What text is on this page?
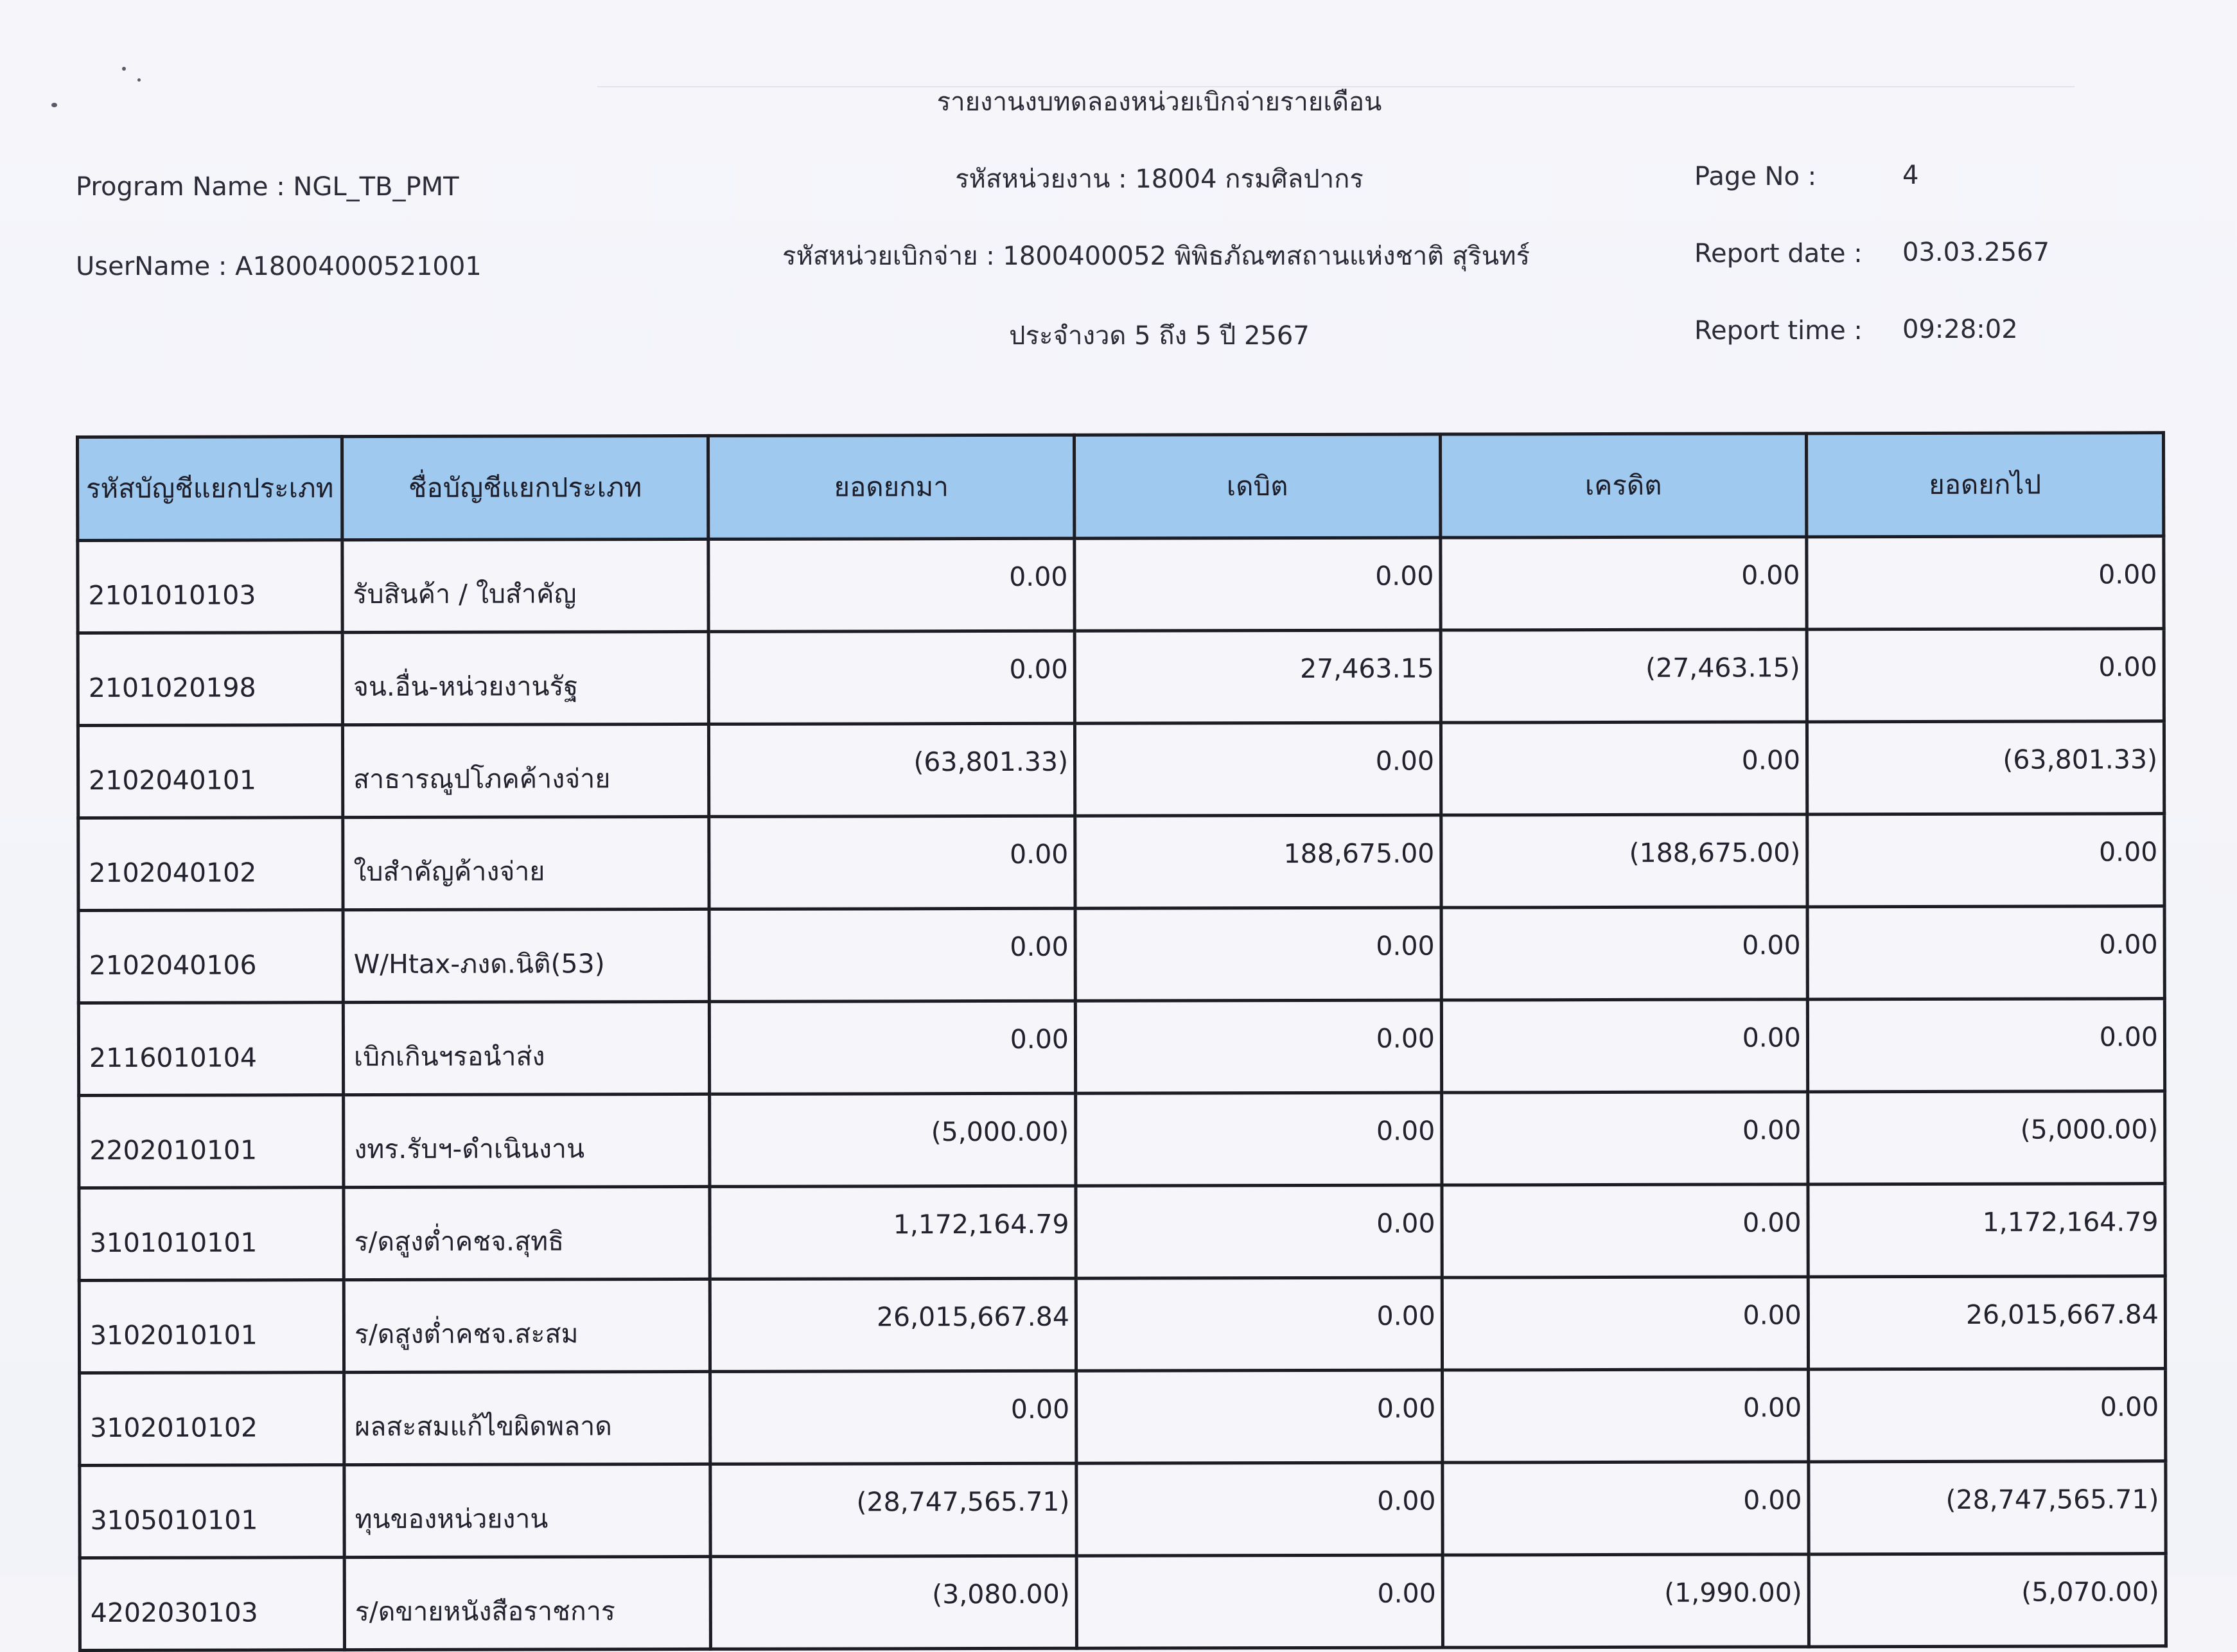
รายงานงบทดลองหน่วยเบิกจ่ายรายเดือน
รหัสหน่วยงาน : 18004 กรมศิลปากร
รหัสหน่วยเบิกจ่าย : 1800400052 พิพิธภัณฑสถานแห่งชาติ สุรินทร์
ประจำงวด 5 ถึง 5 ปี 2567
Program Name : NGL_TB_PMT
UserName : A18004000521001
Page No :	4
Report date : 03.03.2567
Report time : 09:28:02
รหัสบัญชีแยกประเภท	ชื่อบัญชีแยกประเภท	ยอดยกมา	เดบิต	เครดิต	ยอดยกไป
2101010103	รับสินค้า / ใบสำคัญ	0.00	0.00	0.00	0.00
2101020198	จน.อื่น-หน่วยงานรัฐ	0.00	27,463.15	(27,463.15)	0.00
2102040101	สาธารณูปโภคค้างจ่าย	(63,801.33)	0.00	0.00	(63,801.33)
2102040102	ใบสำคัญค้างจ่าย	0.00	188,675.00	(188,675.00)	0.00
2102040106	W/Htax-ภงด.นิติ(53)	0.00	0.00	0.00	0.00
2116010104	เบิกเกินฯรอนำส่ง	0.00	0.00	0.00	0.00
2202010101	งทร.รับฯ-ดำเนินงาน	(5,000.00)	0.00	0.00	(5,000.00)
3101010101	ร/ดสูงต่ำคชจ.สุทธิ	1,172,164.79	0.00	0.00	1,172,164.79
3102010101	ร/ดสูงต่ำคชจ.สะสม	26,015,667.84	0.00	0.00	26,015,667.84
3102010102	ผลสะสมแก้ไขผิดพลาด	0.00	0.00	0.00	0.00
3105010101	ทุนของหน่วยงาน	(28,747,565.71)	0.00	0.00	(28,747,565.71)
4202030103	ร/ดขายหนังสือราชการ	(3,080.00)	0.00	(1,990.00)	(5,070.00)
